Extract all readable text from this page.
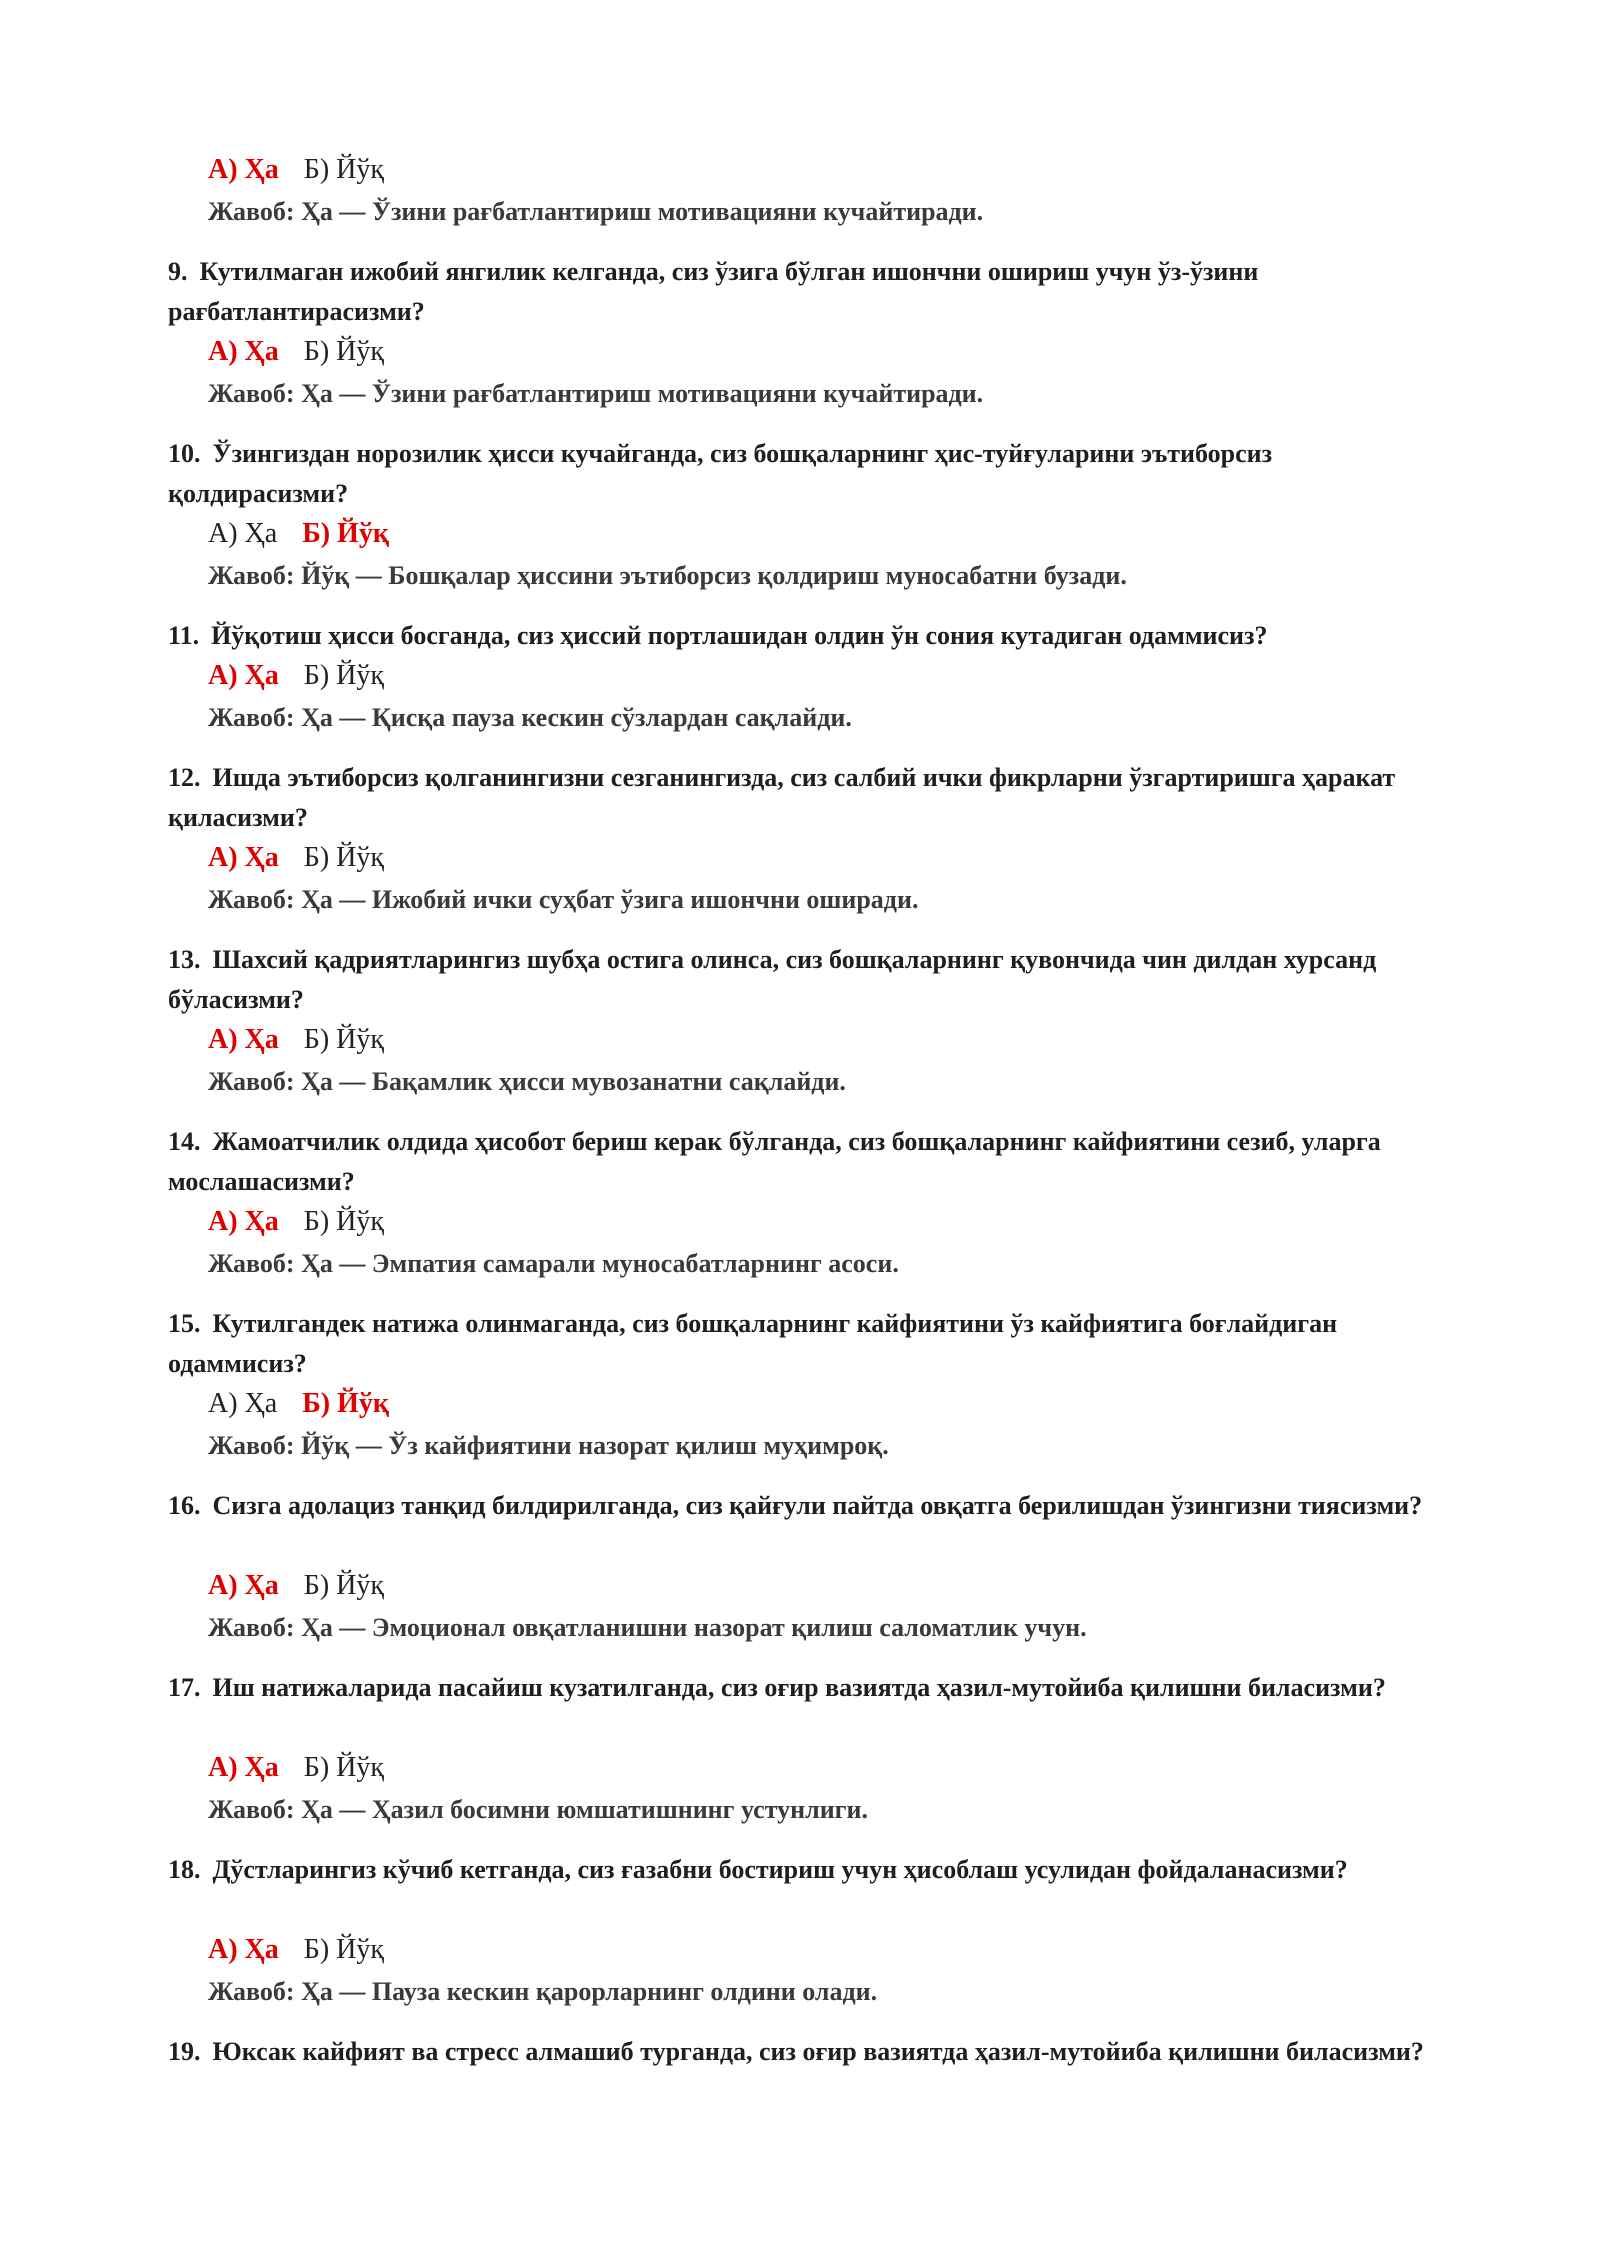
А) Ҳа Б) Йўқ

Жавоб: Ҳа — Ўзини рағбатлантириш мотивацияни кучайтиради.

9. Кутилмаган ижобий янгилик келганда, сиз ўзига бўлган ишончни ошириш учун ўз-ўзини рағбатлантирасизми?

А) Ҳа Б) Йўқ

Жавоб: Ҳа — Ўзини рағбатлантириш мотивацияни кучайтиради.

10. Ўзингиздан норозилик ҳисси кучайганда, сиз бошқаларнинг ҳис-туйғуларини эътиборсиз қолдирасизми?

А) Ҳа Б) Йўқ

Жавоб: Йўқ — Бошқалар ҳиссини эътиборсиз қолдириш муносабатни бузади.

11. Йўқотиш ҳисси босганда, сиз ҳиссий портлашидан олдин ўн сония кутадиган одаммисиз?

А) Ҳа Б) Йўқ

Жавоб: Ҳа — Қисқа пауза кескин сўзлардан сақлайди.

12. Ишда эътиборсиз қолганингизни сезганингизда, сиз салбий ички фикрларни ўзгартиришга ҳаракат қиласизми?

А) Ҳа Б) Йўқ

Жавоб: Ҳа — Ижобий ички суҳбат ўзига ишончни оширади.

13. Шахсий қадриятларингиз шубҳа остига олинса, сиз бошқаларнинг қувончида чин дилдан хурсанд бўласизми?

А) Ҳа Б) Йўқ

Жавоб: Ҳа — Бақамлик ҳисси мувозанатни сақлайди.

14. Жамоатчилик олдида ҳисобот бериш керак бўлганда, сиз бошқаларнинг кайфиятини сезиб, уларга мослашасизми?

А) Ҳа Б) Йўқ

Жавоб: Ҳа — Эмпатия самарали муносабатларнинг асоси.

15. Кутилгандек натижа олинмаганда, сиз бошқаларнинг кайфиятини ўз кайфиятига боғлайдиган одаммисиз?

А) Ҳа Б) Йўқ

Жавоб: Йўқ — Ўз кайфиятини назорат қилиш муҳимроқ.

16. Сизга адолациз танқид билдирилганда, сиз қайғули пайтда овқатга берилишдан ўзингизни тиясизми?

А) Ҳа Б) Йўқ

Жавоб: Ҳа — Эмоционал овқатланишни назорат қилиш саломатлик учун.

17. Иш натижаларида пасайиш кузатилганда, сиз оғир вазиятда ҳазил-мутойиба қилишни биласизми?

А) Ҳа Б) Йўқ

Жавоб: Ҳа — Ҳазил босимни юмшатишнинг устунлиги.

18. Дўстларингиз кўчиб кетганда, сиз ғазабни бостириш учун ҳисоблаш усулидан фойдаланасизми?

А) Ҳа Б) Йўқ

Жавоб: Ҳа — Пауза кескин қарорларнинг олдини олади.

19. Юксак кайфият ва стресс алмашиб турганда, сиз оғир вазиятда ҳазил-мутойиба қилишни биласизми?
